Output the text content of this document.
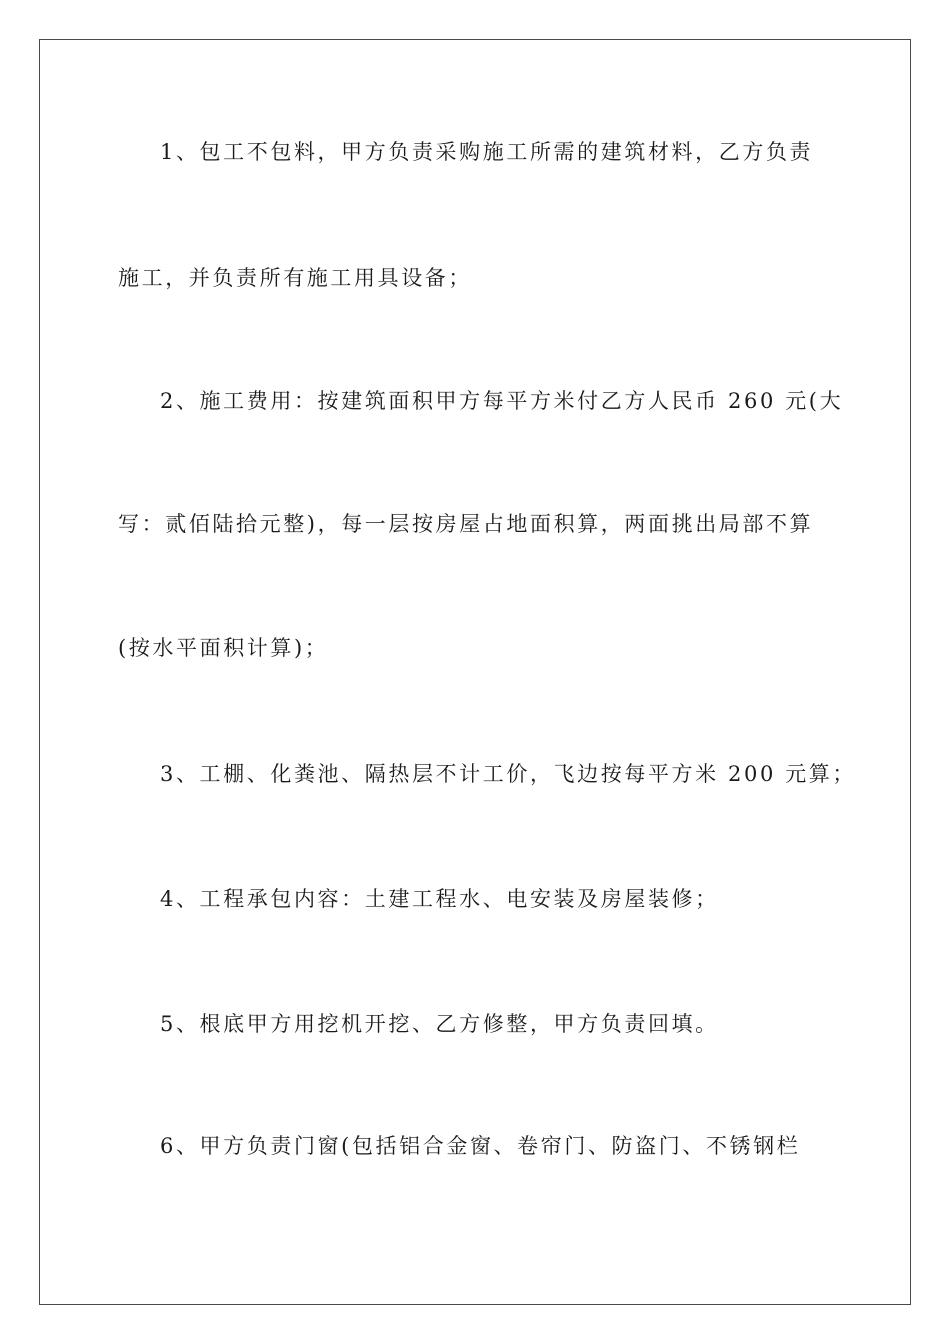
1、包工不包料，甲方负责采购施工所需的建筑材料，乙方负责
施工，并负责所有施工用具设备；
2、施工费用：按建筑面积甲方每平方米付乙方人民币 260 元(大
写：贰佰陆拾元整)，每一层按房屋占地面积算，两面挑出局部不算
(按水平面积计算)；
3、工棚、化粪池、隔热层不计工价，飞边按每平方米 200 元算；
4、工程承包内容：土建工程水、电安装及房屋装修；
5、根底甲方用挖机开挖、乙方修整，甲方负责回填。
6、甲方负责门窗(包括铝合金窗、卷帘门、防盗门、不锈钢栏
